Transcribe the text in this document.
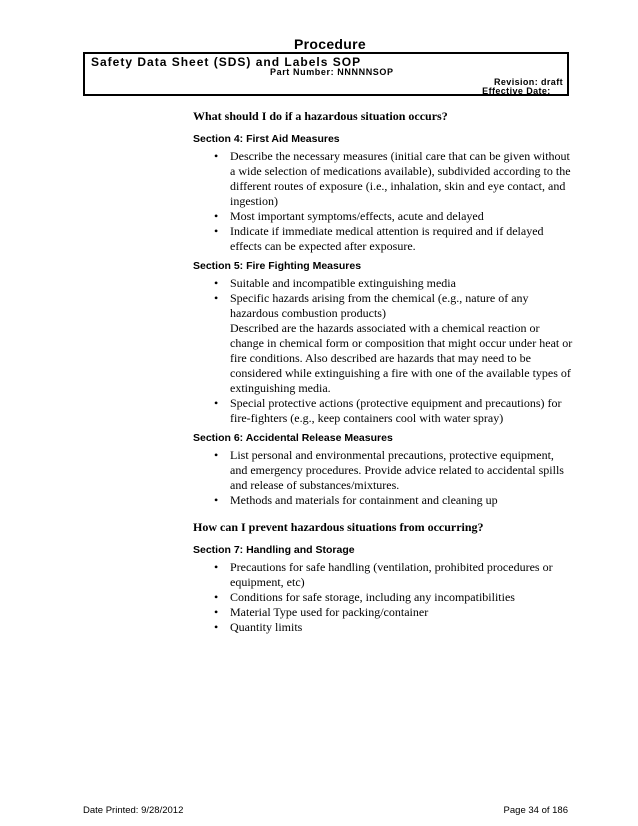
Procedure
Safety Data Sheet (SDS) and Labels SOP
Part Number: NNNNNSOP
Revision: draft
Effective Date: _

What should I do if a hazardous situation occurs?

Section 4: First Aid Measures
• Describe the necessary measures (initial care that can be given without a wide selection of medications available), subdivided according to the different routes of exposure (i.e., inhalation, skin and eye contact, and ingestion)
• Most important symptoms/effects, acute and delayed
• Indicate if immediate medical attention is required and if delayed effects can be expected after exposure.
Section 5: Fire Fighting Measures
• Suitable and incompatible extinguishing media
• Specific hazards arising from the chemical (e.g., nature of any hazardous combustion products)
Described are the hazards associated with a chemical reaction or change in chemical form or composition that might occur under heat or fire conditions. Also described are hazards that may need to be considered while extinguishing a fire with one of the available types of extinguishing media.
• Special protective actions (protective equipment and precautions) for fire-fighters (e.g., keep containers cool with water spray)
Section 6: Accidental Release Measures
• List personal and environmental precautions, protective equipment, and emergency procedures. Provide advice related to accidental spills and release of substances/mixtures.
• Methods and materials for containment and cleaning up

How can I prevent hazardous situations from occurring?

Section 7: Handling and Storage
• Precautions for safe handling (ventilation, prohibited procedures or equipment, etc)
• Conditions for safe storage, including any incompatibilities
• Material Type used for packing/container
• Quantity limits
Date Printed: 9/28/2012	Page 34 of 186
